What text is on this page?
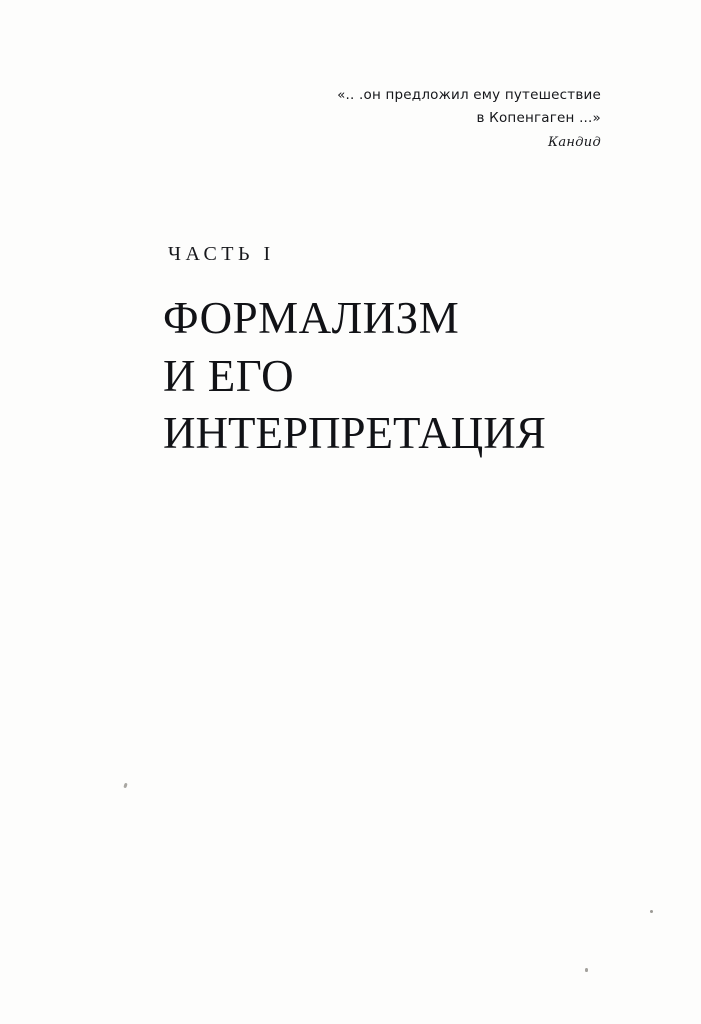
«.. .он предложил ему путешествие
в Копенгаген ...»
Кандид
ЧАСТЬ I
ФОРМАЛИЗМ
И ЕГО
ИНТЕРПРЕТАЦИЯ
